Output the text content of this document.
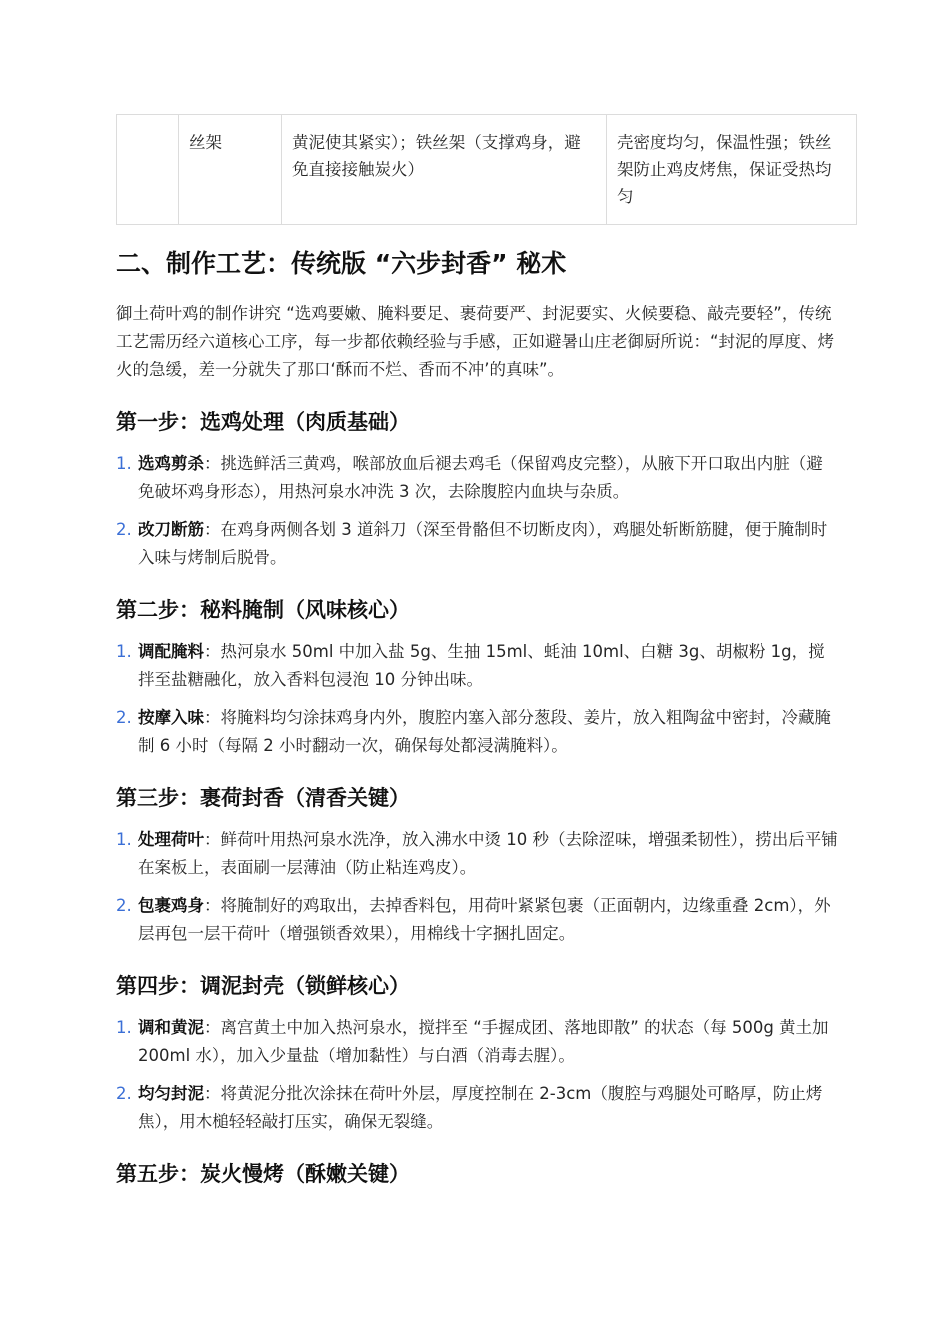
	丝架	黄泥使其紧实）；铁丝架（支撑鸡身，避免直接接触炭火）	壳密度均匀，保温性强；铁丝架防止鸡皮烤焦，保证受热均匀
二、制作工艺：传统版 “六步封香” 秘术

御土荷叶鸡的制作讲究 “选鸡要嫩、腌料要足、裹荷要严、封泥要实、火候要稳、敲壳要轻”，传统工艺需历经六道核心工序，每一步都依赖经验与手感，正如避暑山庄老御厨所说：“封泥的厚度、烤火的急缓，差一分就失了那口‘酥而不烂、香而不冲’的真味”。

第一步：选鸡处理（肉质基础）
1. 选鸡剪杀：挑选鲜活三黄鸡，喉部放血后褪去鸡毛（保留鸡皮完整），从腋下开口取出内脏（避免破坏鸡身形态），用热河泉水冲洗 3 次，去除腹腔内血块与杂质。
2. 改刀断筋：在鸡身两侧各划 3 道斜刀（深至骨骼但不切断皮肉），鸡腿处斩断筋腱，便于腌制时入味与烤制后脱骨。
第二步：秘料腌制（风味核心）
1. 调配腌料：热河泉水 50ml 中加入盐 5g、生抽 15ml、蚝油 10ml、白糖 3g、胡椒粉 1g，搅拌至盐糖融化，放入香料包浸泡 10 分钟出味。
2. 按摩入味：将腌料均匀涂抹鸡身内外，腹腔内塞入部分葱段、姜片，放入粗陶盆中密封，冷藏腌制 6 小时（每隔 2 小时翻动一次，确保每处都浸满腌料）。
第三步：裹荷封香（清香关键）
1. 处理荷叶：鲜荷叶用热河泉水洗净，放入沸水中烫 10 秒（去除涩味，增强柔韧性），捞出后平铺在案板上，表面刷一层薄油（防止粘连鸡皮）。
2. 包裹鸡身：将腌制好的鸡取出，去掉香料包，用荷叶紧紧包裹（正面朝内，边缘重叠 2cm），外层再包一层干荷叶（增强锁香效果），用棉线十字捆扎固定。
第四步：调泥封壳（锁鲜核心）
1. 调和黄泥：离宫黄土中加入热河泉水，搅拌至 “手握成团、落地即散” 的状态（每 500g 黄土加 200ml 水），加入少量盐（增加黏性）与白酒（消毒去腥）。
2. 均匀封泥：将黄泥分批次涂抹在荷叶外层，厚度控制在 2-3cm（腹腔与鸡腿处可略厚，防止烤焦），用木槌轻轻敲打压实，确保无裂缝。
第五步：炭火慢烤（酥嫩关键）
